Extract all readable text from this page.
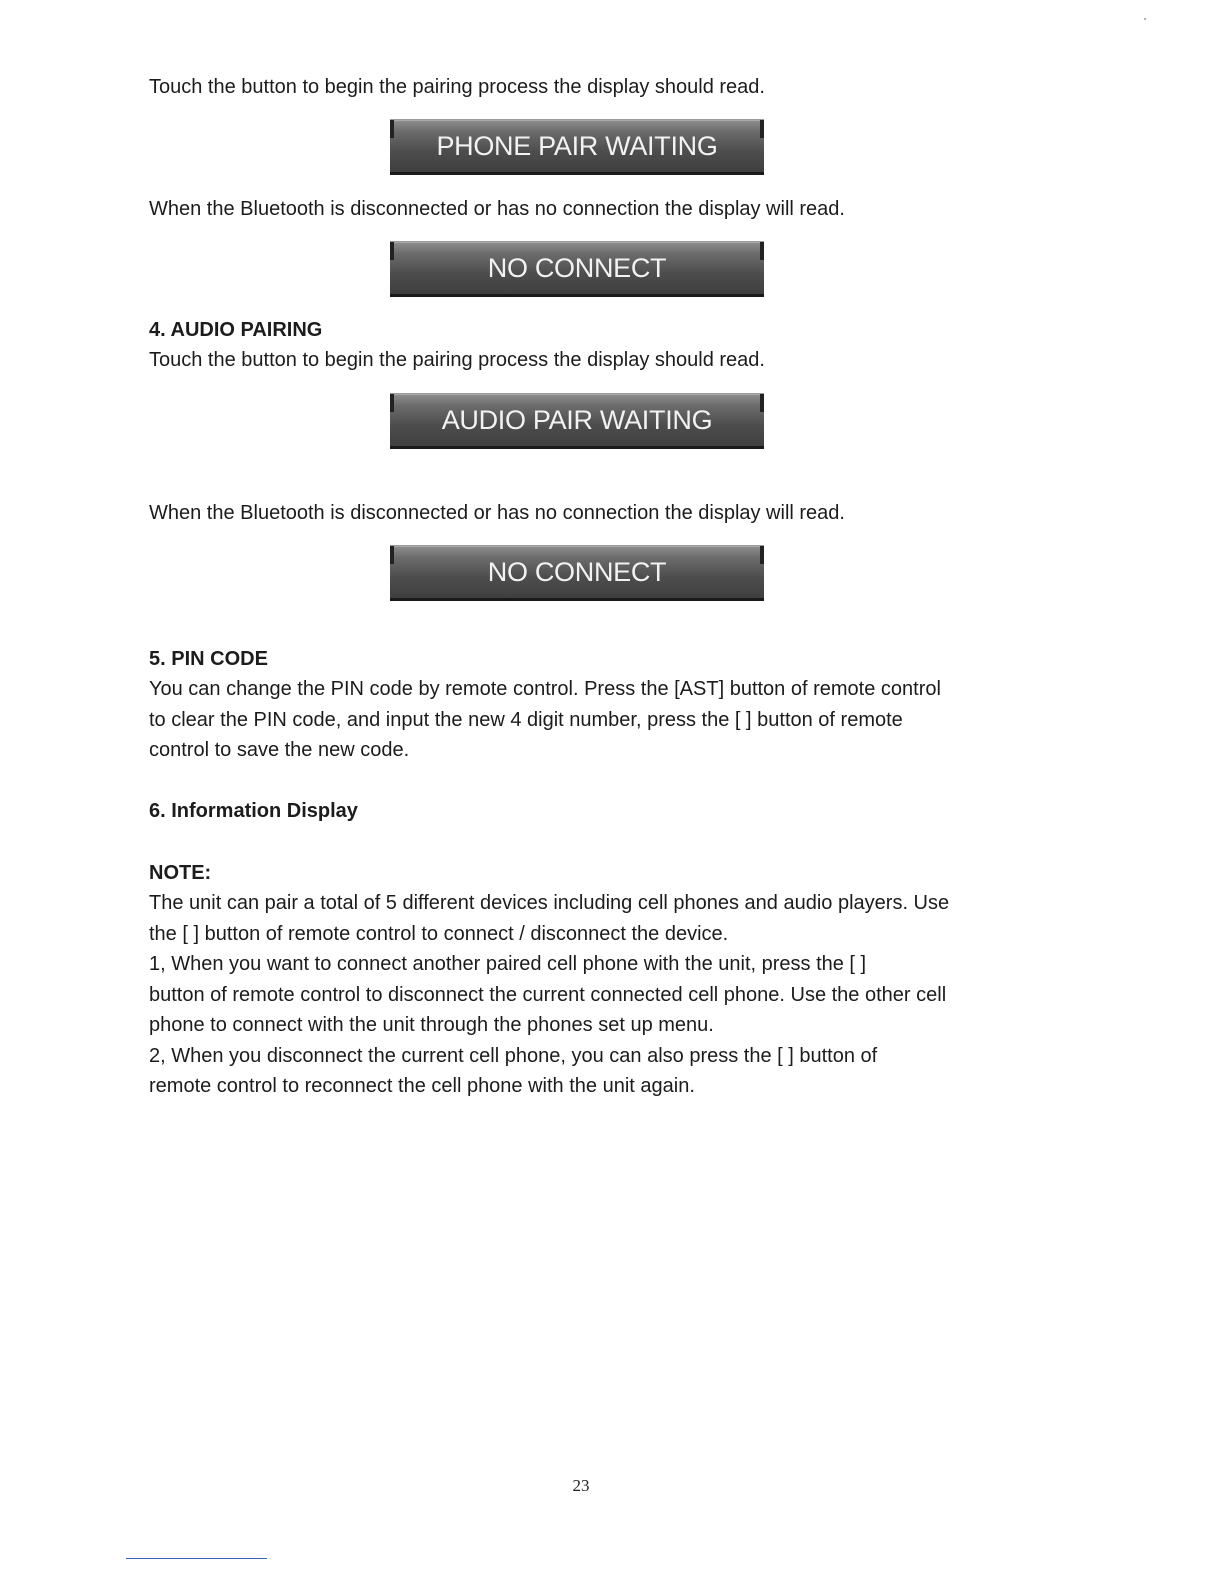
Touch the button to begin the pairing process the display should read.
PHONE PAIR WAITING
When the Bluetooth is disconnected or has no connection the display will read.
NO CONNECT
4. AUDIO PAIRING
Touch the button to begin the pairing process the display should read.
AUDIO PAIR WAITING
When the Bluetooth is disconnected or has no connection the display will read.
NO CONNECT
5. PIN CODE
You can change the PIN code by remote control. Press the [AST] button of remote control
to clear the PIN code, and input the new 4 digit number, press the [ ] button of remote
control to save the new code.
6. Information Display
NOTE:
The unit can pair a total of 5 different devices including cell phones and audio players. Use
the [ ] button of remote control to connect / disconnect the device.
1, When you want to connect another paired cell phone with the unit, press the [ ]
button of remote control to disconnect the current connected cell phone. Use the other cell
phone to connect with the unit through the phones set up menu.
2, When you disconnect the current cell phone, you can also press the [ ] button of
remote control to reconnect the cell phone with the unit again.
23
